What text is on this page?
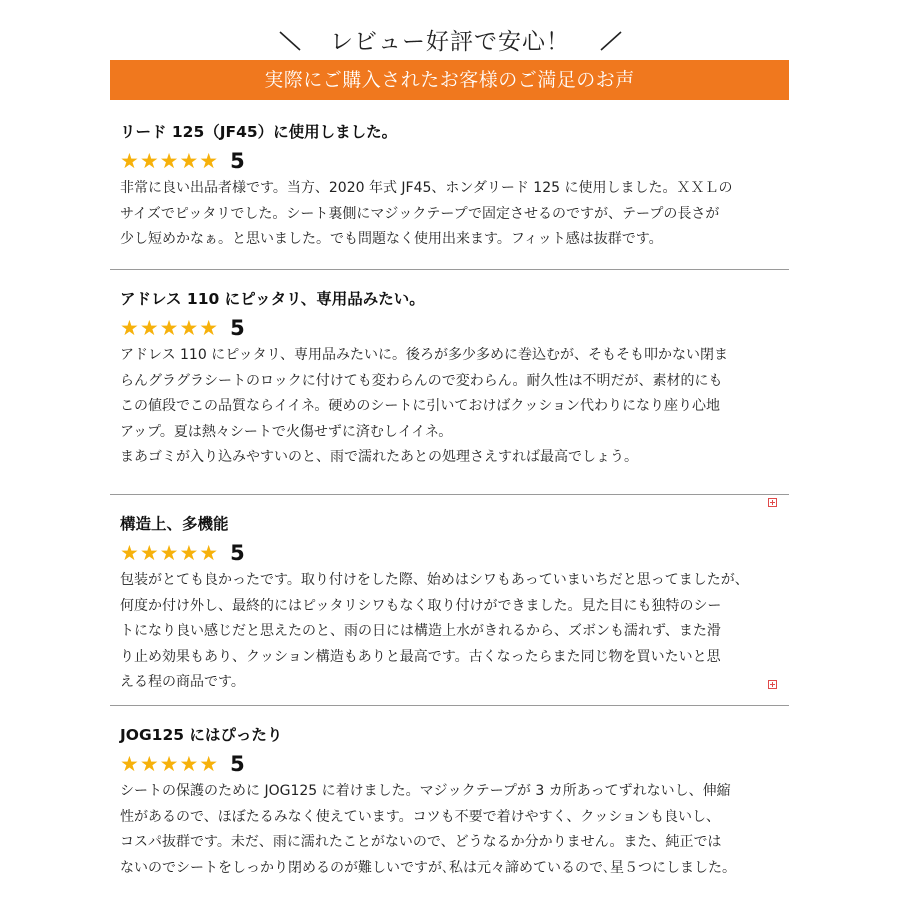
レビュー好評で安心！
実際にご購入されたお客様のご満足のお声
リード 125（JF45）に使用しました。
★★★★★ 5
非常に良い出品者様です。当方、2020 年式 JF45、ホンダリード 125 に使用しました。ＸＸＬの
サイズでピッタリでした。シート裏側にマジックテープで固定させるのですが、テープの長さが
少し短めかなぁ。と思いました。でも問題なく使用出来ます。フィット感は抜群です。
アドレス 110 にピッタリ、専用品みたい。
★★★★★ 5
アドレス 110 にピッタリ、専用品みたいに。後ろが多少多めに巻込むが、そもそも叩かない閉ま
らんグラグラシートのロックに付けても変わらんので変わらん。耐久性は不明だが、素材的にも
この値段でこの品質ならイイネ。硬めのシートに引いておけばクッション代わりになり座り心地
アップ。夏は熱々シートで火傷せずに済むしイイネ。
まあゴミが入り込みやすいのと、雨で濡れたあとの処理さえすれば最高でしょう。
構造上、多機能
★★★★★ 5
包装がとても良かったです。取り付けをした際、始めはシワもあっていまいちだと思ってましたが、
何度か付け外し、最終的にはピッタリシワもなく取り付けができました。見た目にも独特のシー
トになり良い感じだと思えたのと、雨の日には構造上水がきれるから、ズボンも濡れず、また滑
り止め効果もあり、クッション構造もありと最高です。古くなったらまた同じ物を買いたいと思
える程の商品です。
JOG125 にはぴったり
★★★★★ 5
シートの保護のために JOG125 に着けました。マジックテープが 3 カ所あってずれないし、伸縮
性があるので、ほぼたるみなく使えています。コツも不要で着けやすく、クッションも良いし、
コスパ抜群です。未だ、雨に濡れたことがないので、どうなるか分かりません。また、純正では
ないのでシートをしっかり閉めるのが難しいですが､私は元々諦めているので､星５つにしました。
